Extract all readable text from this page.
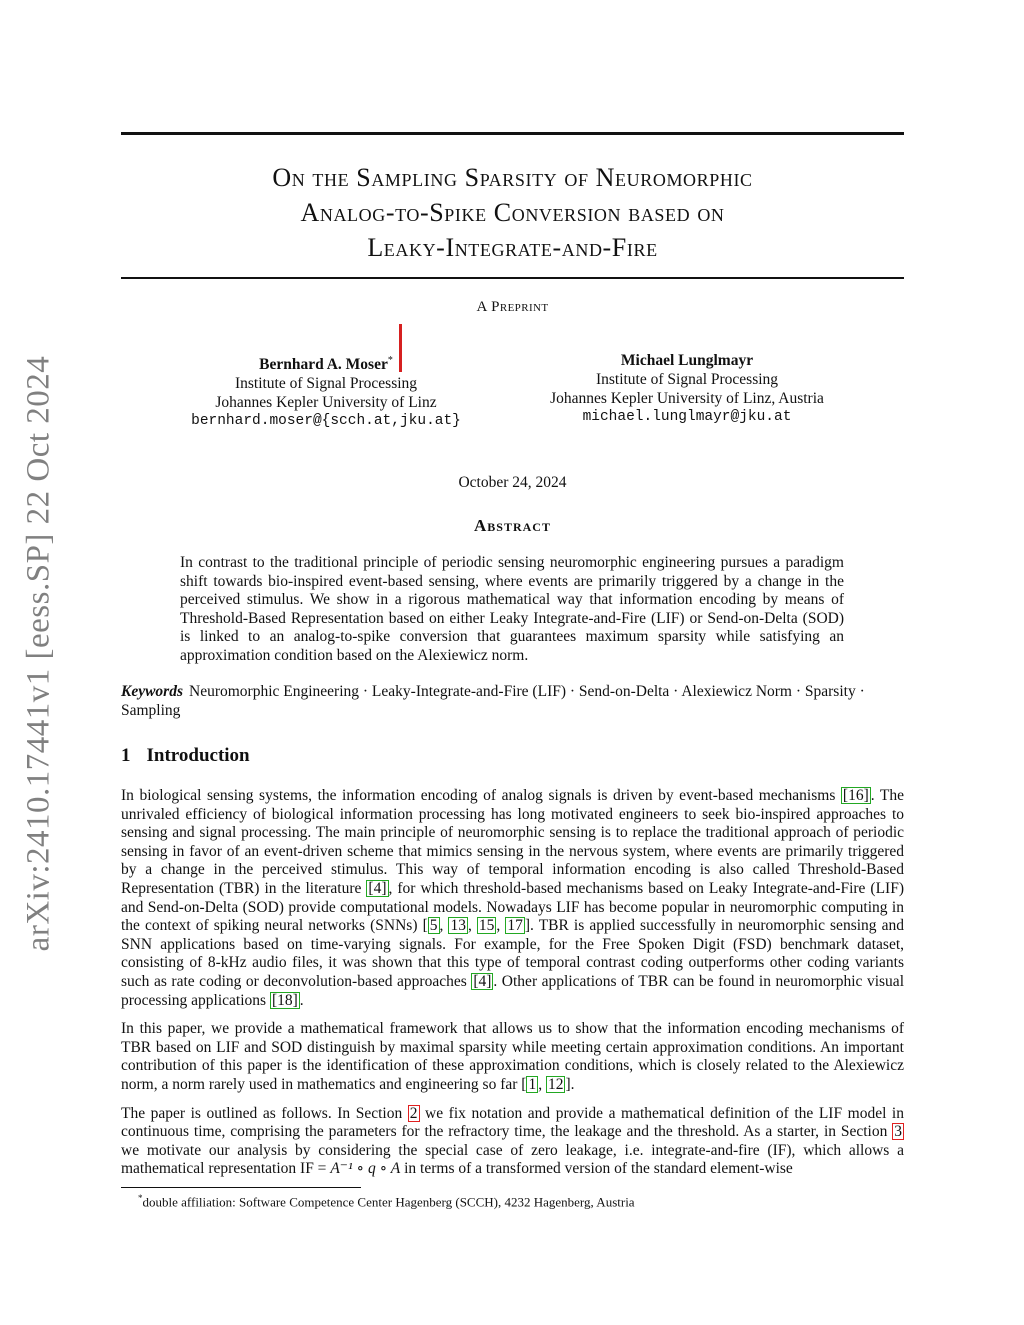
arXiv:2410.17441v1 [eess.SP] 22 Oct 2024
On the Sampling Sparsity of Neuromorphic
Analog-to-Spike Conversion based on
Leaky-Integrate-and-Fire
A Preprint
Bernhard A. Moser*
Institute of Signal Processing
Johannes Kepler University of Linz
bernhard.moser@{scch.at,jku.at}
Michael Lunglmayr
Institute of Signal Processing
Johannes Kepler University of Linz, Austria
michael.lunglmayr@jku.at
October 24, 2024
Abstract
In contrast to the traditional principle of periodic sensing neuromorphic engineering pursues a paradigm shift towards bio-inspired event-based sensing, where events are primarily triggered by a change in the perceived stimulus. We show in a rigorous mathematical way that information encoding by means of Threshold-Based Representation based on either Leaky Integrate-and-Fire (LIF) or Send-on-Delta (SOD) is linked to an analog-to-spike conversion that guarantees maximum sparsity while satisfying an approximation condition based on the Alexiewicz norm.
Keywords Neuromorphic Engineering · Leaky-Integrate-and-Fire (LIF) · Send-on-Delta · Alexiewicz Norm · Sparsity · Sampling
1 Introduction

In biological sensing systems, the information encoding of analog signals is driven by event-based mechanisms [16] . The unrivaled efficiency of biological information processing has long motivated engineers to seek bio-inspired approaches to sensing and signal processing. The main principle of neuromorphic sensing is to replace the traditional approach of periodic sensing in favor of an event-driven scheme that mimics sensing in the nervous system, where events are primarily triggered by a change in the perceived stimulus. This way of temporal information encoding is also called Threshold-Based Representation (TBR) in the literature [4] , for which threshold-based mechanisms based on Leaky Integrate-and-Fire (LIF) and Send-on-Delta (SOD) provide computational models. Nowadays LIF has become popular in neuromorphic computing in the context of spiking neural networks (SNNs) [ 5 , 13 , 15 , 17 ]. TBR is applied successfully in neuromorphic sensing and SNN applications based on time-varying signals. For example, for the Free Spoken Digit (FSD) benchmark dataset, consisting of 8-kHz audio files, it was shown that this type of temporal contrast coding outperforms other coding variants such as rate coding or deconvolution-based approaches [4] . Other applications of TBR can be found in neuromorphic visual processing applications [18] .

In this paper, we provide a mathematical framework that allows us to show that the information encoding mechanisms of TBR based on LIF and SOD distinguish by maximal sparsity while meeting certain approximation conditions. An important contribution of this paper is the identification of these approximation conditions, which is closely related to the Alexiewicz norm, a norm rarely used in mathematics and engineering so far [ 1 , 12 ].

The paper is outlined as follows. In Section 2 we fix notation and provide a mathematical definition of the LIF model in continuous time, comprising the parameters for the refractory time, the leakage and the threshold. As a starter, in Section 3 we motivate our analysis by considering the special case of zero leakage, i.e. integrate-and-fire (IF), which allows a mathematical representation IF = A⁻¹ ∘ q ∘ A in terms of a transformed version of the standard element-wise

*double affiliation: Software Competence Center Hagenberg (SCCH), 4232 Hagenberg, Austria
